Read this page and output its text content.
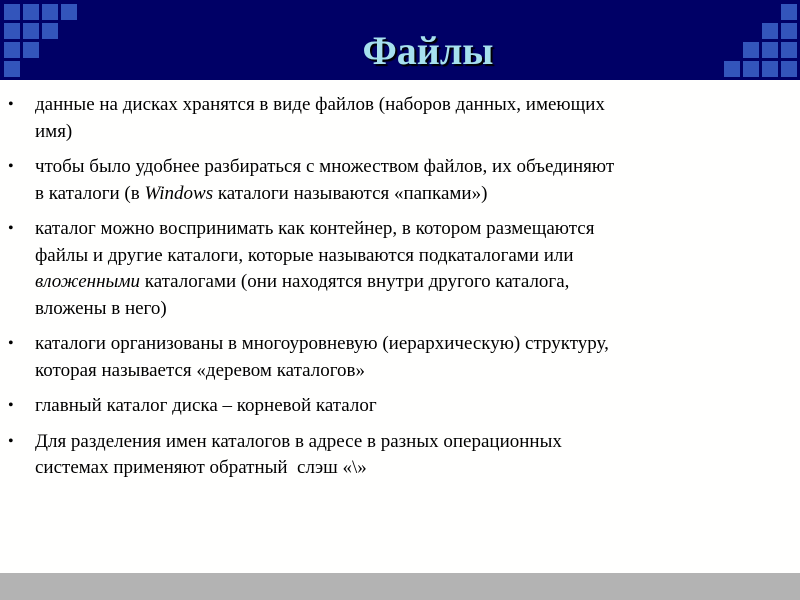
Файлы
• данные на дисках хранятся в виде файлов (наборов данных, имеющих
имя)
• чтобы было удобнее разбираться с множеством файлов, их объединяют
в каталоги (в Windows каталоги называются «папками»)
• каталог можно воспринимать как контейнер, в котором размещаются
файлы и другие каталоги, которые называются подкаталогами или
вложенными каталогами (они находятся внутри другого каталога,
вложены в него)
• каталоги организованы в многоуровневую (иерархическую) структуру,
которая называется «деревом каталогов»
• главный каталог диска – корневой каталог
• Для разделения имен каталогов в адресе в разных операционных
системах применяют обратный  слэш «\»
